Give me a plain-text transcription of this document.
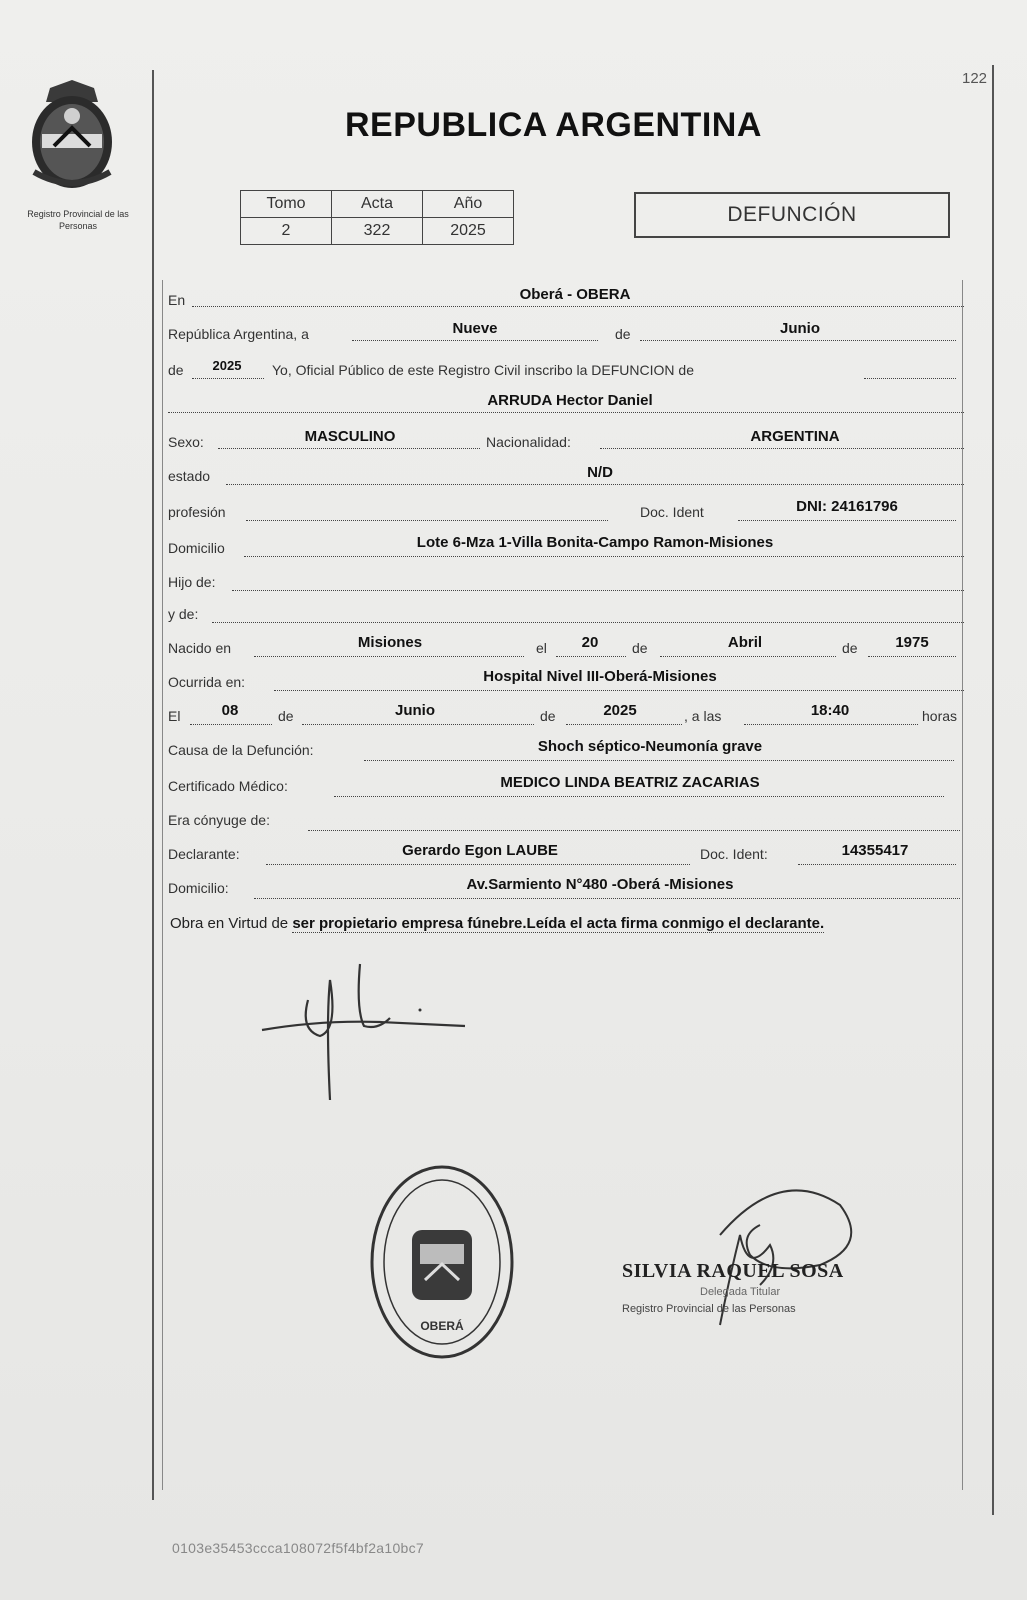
122
Registro Provincial de las Personas
REPUBLICA ARGENTINA
Tomo	Acta	Año
2	322	2025
DEFUNCIÓN
En	Oberá - OBERA
República Argentina, a	Nueve	de	Junio
de	2025	Yo, Oficial Público de este Registro Civil inscribo la DEFUNCION de
ARRUDA Hector Daniel
Sexo:	MASCULINO	Nacionalidad:	ARGENTINA
estado	N/D
profesión	Doc. Ident	DNI: 24161796
Domicilio	Lote 6-Mza 1-Villa Bonita-Campo Ramon-Misiones
Hijo de:
y de:
Nacido en	Misiones	el	20	de	Abril	de	1975
Ocurrida en:	Hospital Nivel III-Oberá-Misiones
El	08	de	Junio	de	2025	, a las	18:40	horas
Causa de la Defunción:	Shoch séptico-Neumonía grave
Certificado Médico:	MEDICO LINDA BEATRIZ ZACARIAS
Era cónyuge de:
Declarante:	Gerardo Egon LAUBE	Doc. Ident:	14355417
Domicilio:	Av.Sarmiento N°480 -Oberá -Misiones
Obra en Virtud de ser propietario empresa fúnebre.Leída el acta firma conmigo el declarante.
OBERÁ
SILVIA RAQUEL SOSA
Delegada Titular
Registro Provincial de las Personas
0103e35453ccca108072f5f4bf2a10bc7
